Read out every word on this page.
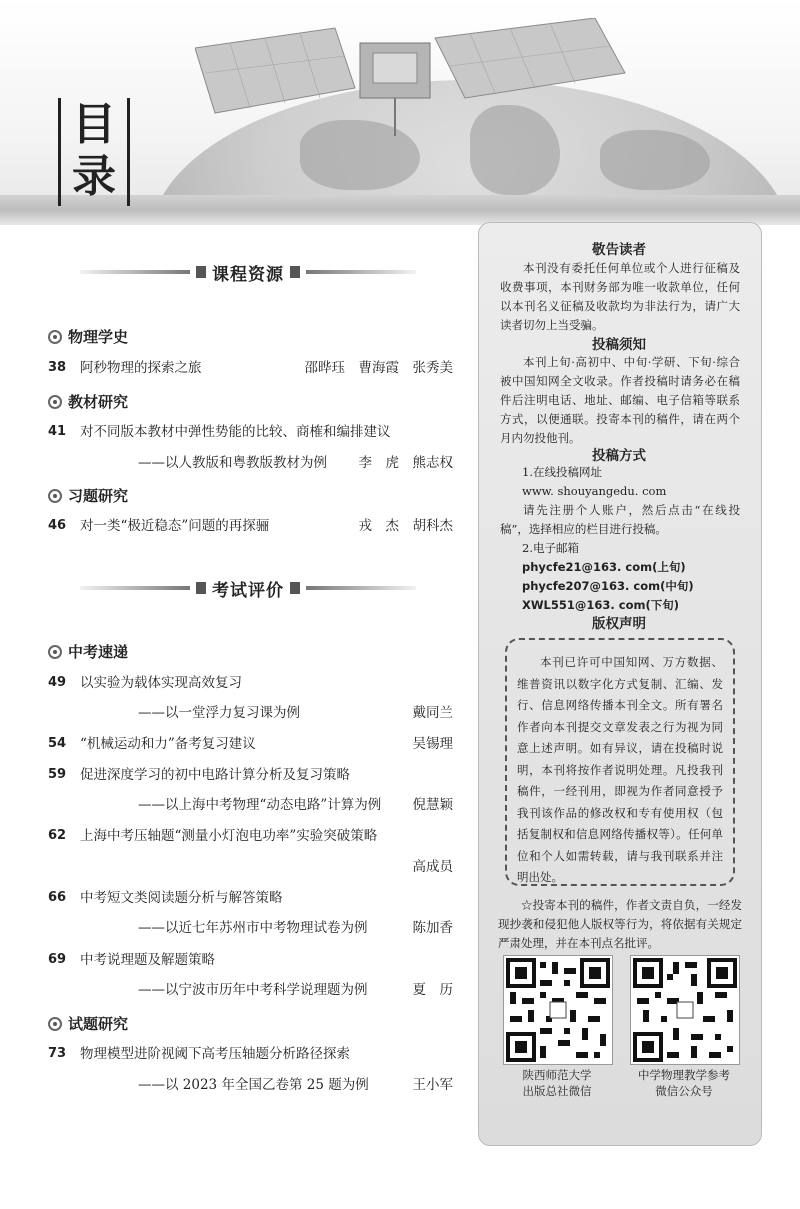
目
录
课程资源
物理学史
38 阿秒物理的探索之旅	邵晔珏　曹海霞　张秀美
教材研究
41 对不同版本教材中弹性势能的比较、商榷和编排建议
——以人教版和粤教版教材为例 李　虎　熊志权
习题研究
46 对一类“极近稳态”问题的再探骊	戎　杰　胡科杰
考试评价
中考速递
49 以实验为载体实现高效复习
——以一堂浮力复习课为例	戴同兰
54 “机械运动和力”备考复习建议	吴锡理
59 促进深度学习的初中电路计算分析及复习策略
——以上海中考物理“动态电路”计算为例 倪慧颖
62 上海中考压轴题“测量小灯泡电功率”实验突破策略
高成员
66 中考短文类阅读题分析与解答策略
——以近七年苏州市中考物理试卷为例	陈加香
69 中考说理题及解题策略
——以宁波市历年中考科学说理题为例	夏　历
试题研究
73 物理模型进阶视阈下高考压轴题分析路径探索
——以 2023 年全国乙卷第 25 题为例	王小军
敬告读者
本刊没有委托任何单位或个人进行征稿及收费事项，本刊财务部为唯一收款单位，任何以本刊名义征稿及收款均为非法行为，请广大读者切勿上当受骗。
投稿须知
本刊上旬·高初中、中旬·学研、下旬·综合被中国知网全文收录。作者投稿时请务必在稿件后注明电话、地址、邮编、电子信箱等联系方式，以便通联。投寄本刊的稿件，请在两个月内勿投他刊。
投稿方式
1.在线投稿网址
www. shouyangedu. com
请先注册个人账户，然后点击“在线投稿”，选择相应的栏目进行投稿。
2.电子邮箱
phycfe21@163. com(上旬)
phycfe207@163. com(中旬)
XWL551@163. com(下旬)
版权声明
本刊已许可中国知网、万方数据、维普资讯以数字化方式复制、汇编、发行、信息网络传播本刊全文。所有署名作者向本刊提交文章发表之行为视为同意上述声明。如有异议，请在投稿时说明，本刊将按作者说明处理。凡投我刊稿件，一经刊用，即视为作者同意授予我刊该作品的修改权和专有使用权（包括复制权和信息网络传播权等）。任何单位和个人如需转载，请与我刊联系并注明出处。
☆投寄本刊的稿件，作者文责自负，一经发现抄袭和侵犯他人版权等行为，将依据有关规定严肃处理，并在本刊点名批评。
陕西师范大学
出版总社微信
中学物理教学参考
微信公众号
